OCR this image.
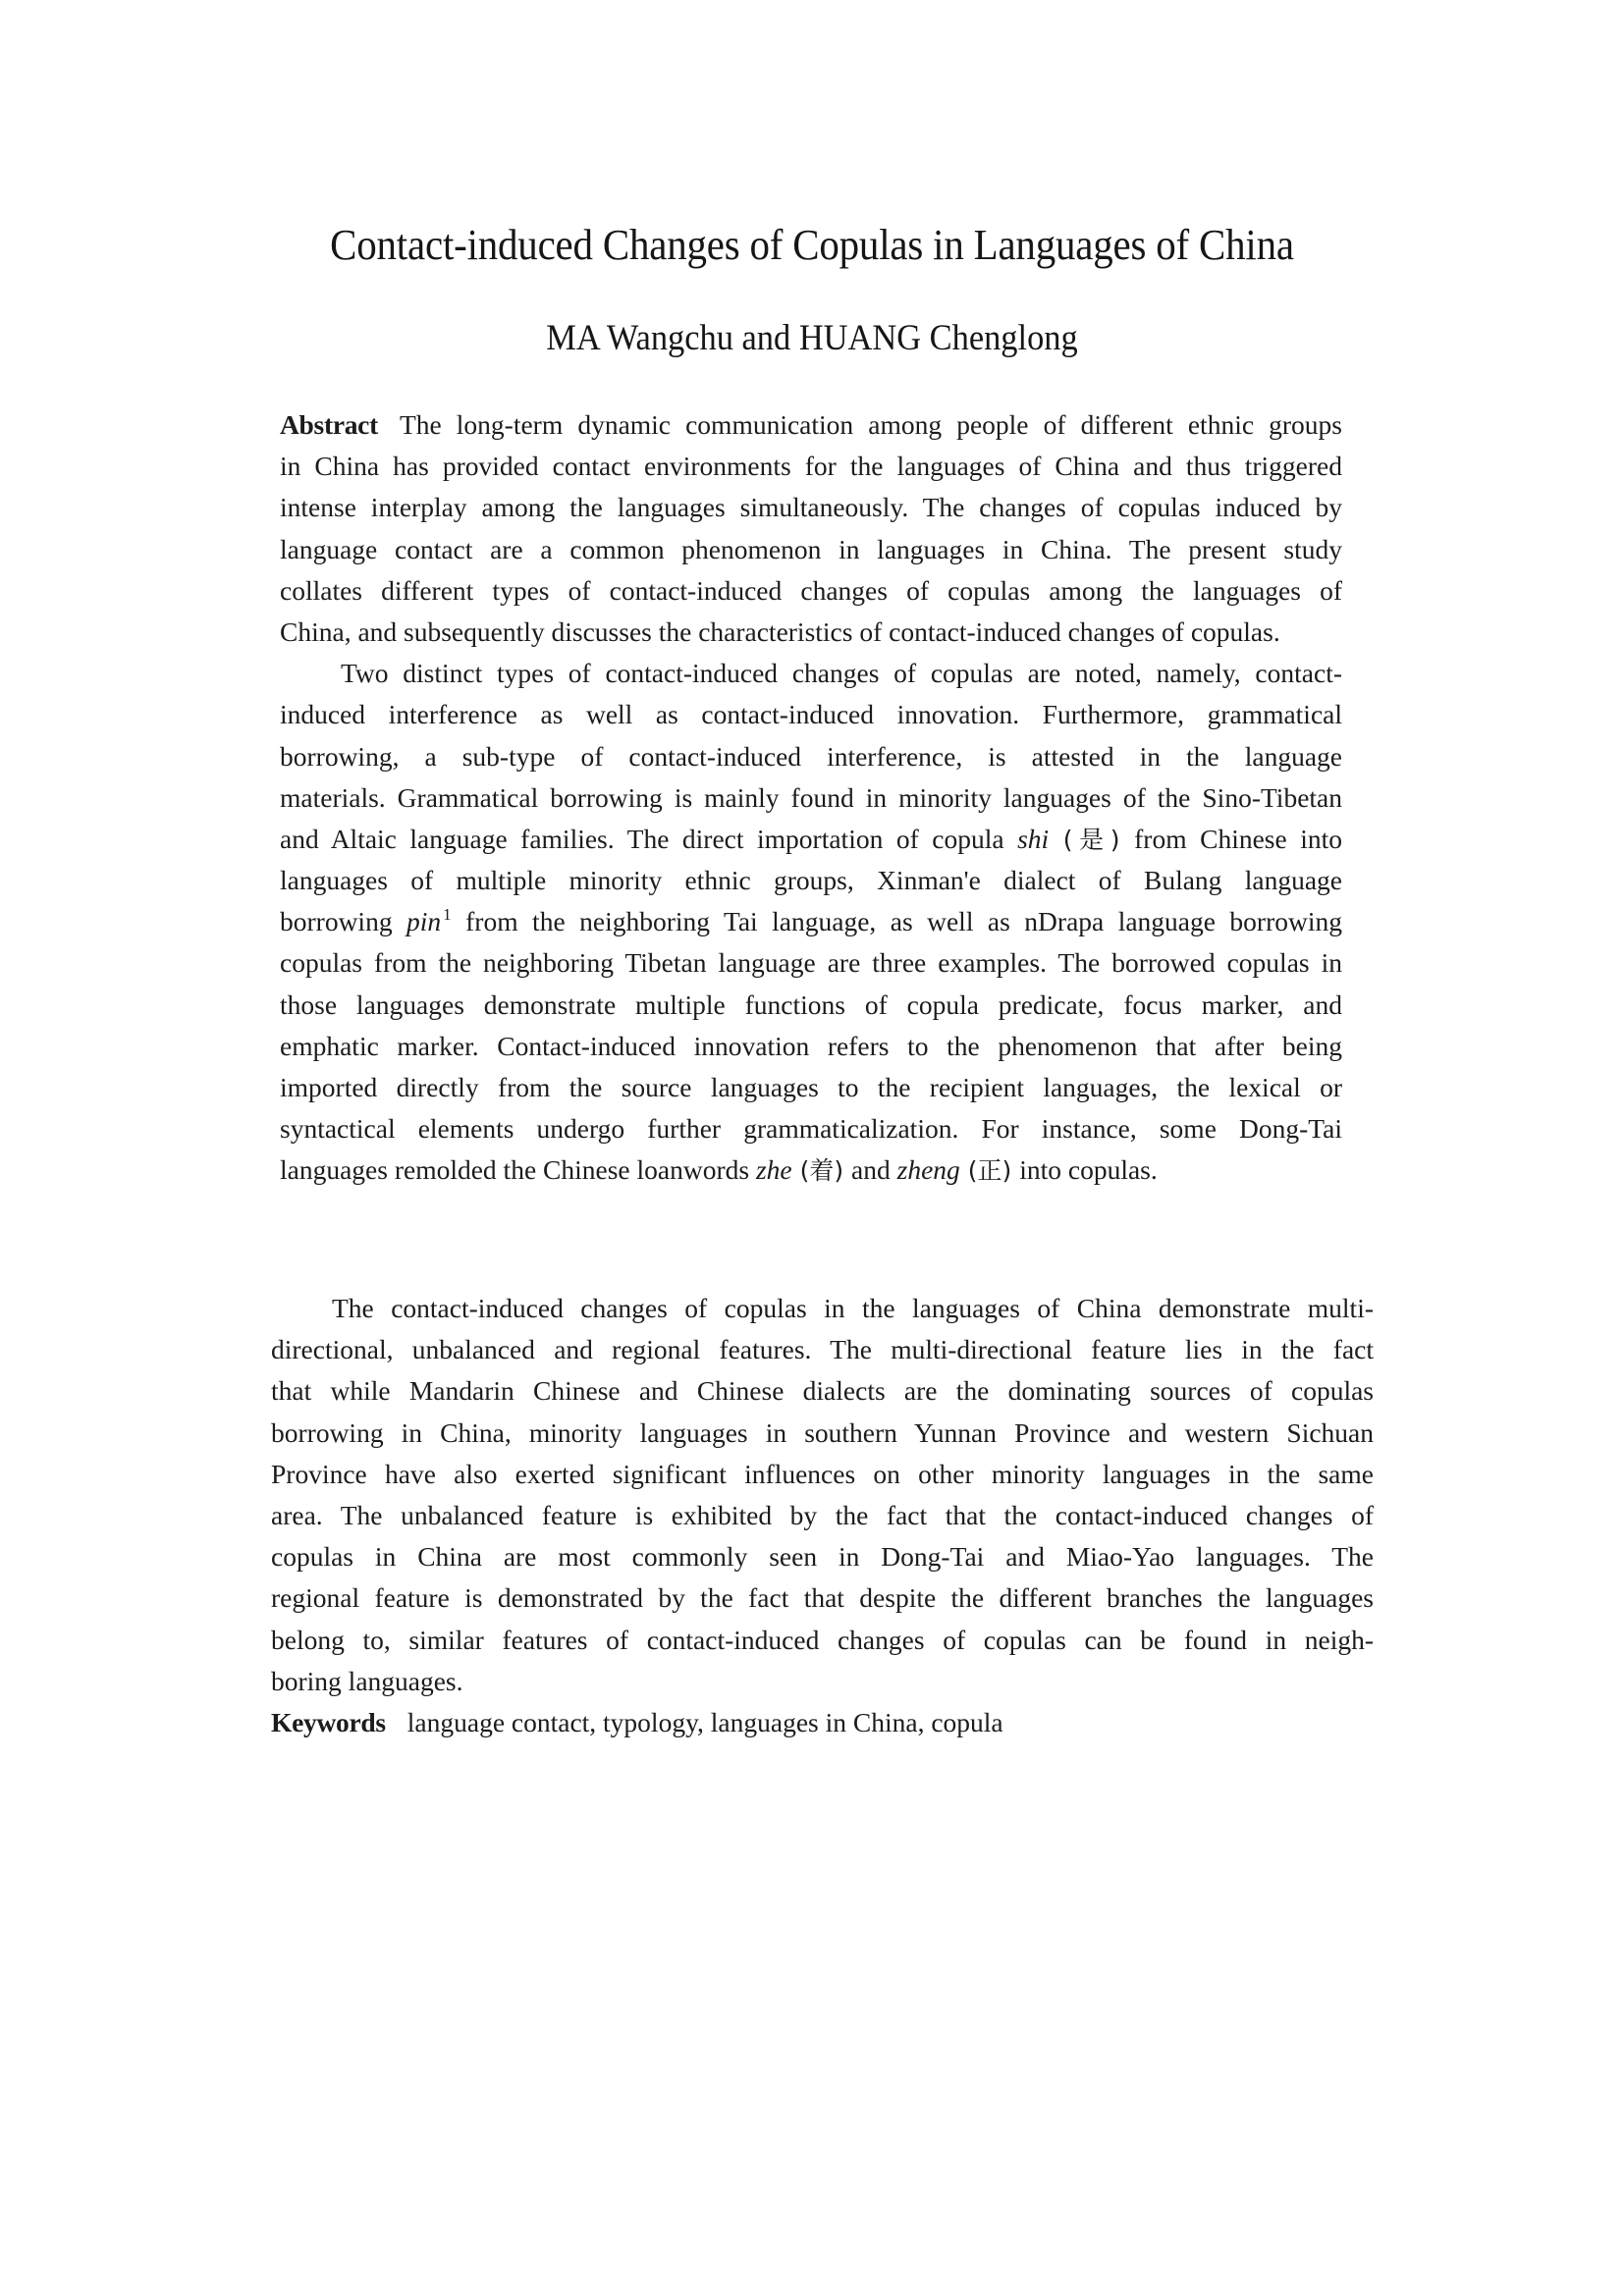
Contact-induced Changes of Copulas in Languages of China
MA Wangchu and HUANG Chenglong
Abstract The long-term dynamic communication among people of different ethnic groups
in China has provided contact environments for the languages of China and thus triggered
intense interplay among the languages simultaneously. The changes of copulas induced by
language contact are a common phenomenon in languages in China. The present study
collates different types of contact-induced changes of copulas among the languages of
China, and subsequently discusses the characteristics of contact-induced changes of copulas.
Two distinct types of contact-induced changes of copulas are noted, namely, contact-
induced interference as well as contact-induced innovation. Furthermore, grammatical
borrowing, a sub-type of contact-induced interference, is attested in the language
materials. Grammatical borrowing is mainly found in minority languages of the Sino-Tibetan
and Altaic language families. The direct importation of copula shi (是) from Chinese into
languages of multiple minority ethnic groups, Xinman'e dialect of Bulang language
borrowing pin $^1$ from the neighboring Tai language, as well as nDrapa language borrowing
copulas from the neighboring Tibetan language are three examples. The borrowed copulas in
those languages demonstrate multiple functions of copula predicate, focus marker, and
emphatic marker. Contact-induced innovation refers to the phenomenon that after being
imported directly from the source languages to the recipient languages, the lexical or
syntactical elements undergo further grammaticalization. For instance, some Dong-Tai
languages remolded the Chinese loanwords zhe (着) and zheng (正) into copulas.
The contact-induced changes of copulas in the languages of China demonstrate multi-
directional, unbalanced and regional features. The multi-directional feature lies in the fact
that while Mandarin Chinese and Chinese dialects are the dominating sources of copulas
borrowing in China, minority languages in southern Yunnan Province and western Sichuan
Province have also exerted significant influences on other minority languages in the same
area. The unbalanced feature is exhibited by the fact that the contact-induced changes of
copulas in China are most commonly seen in Dong-Tai and Miao-Yao languages. The
regional feature is demonstrated by the fact that despite the different branches the languages
belong to, similar features of contact-induced changes of copulas can be found in neigh-
boring languages.
Keywords language contact, typology, languages in China, copula
